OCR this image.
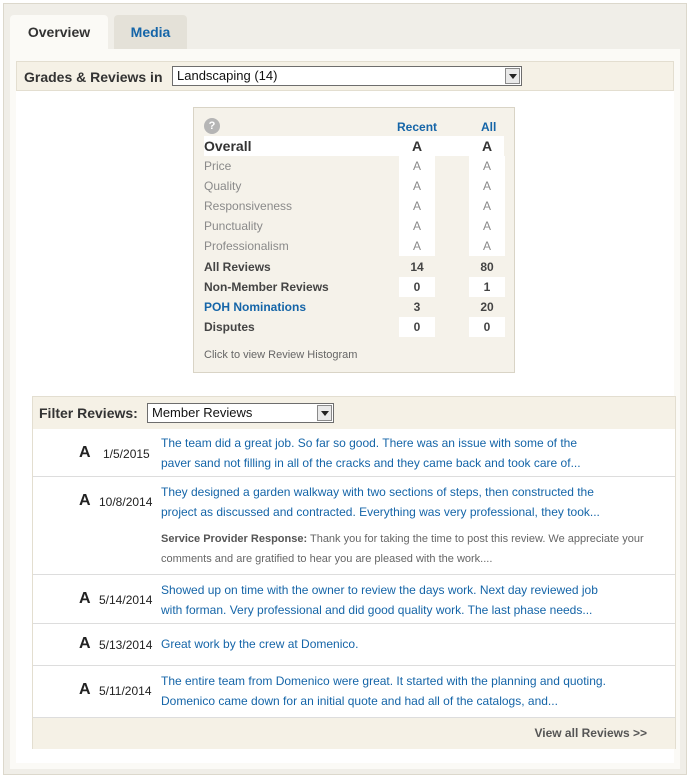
Overview	Media
Grades & Reviews in	Landscaping (14)
?	Recent	All
Overall	A	A
Price	A	A
Quality	A	A
Responsiveness	A	A
Punctuality	A	A
Professionalism	A	A
All Reviews	14	80
Non-Member Reviews	0	1
POH Nominations	3	20
Disputes	0	0
Click to view Review Histogram
Filter Reviews:	Member Reviews
A 1/5/2015
The team did a great job. So far so good. There was an issue with some of the
paver sand not filling in all of the cracks and they came back and took care of...
A 10/8/2014
They designed a garden walkway with two sections of steps, then constructed the
project as discussed and contracted. Everything was very professional, they took...
Service Provider Response: Thank you for taking the time to post this review. We appreciate your
comments and are gratified to hear you are pleased with the work....
A 5/14/2014
Showed up on time with the owner to review the days work. Next day reviewed job
with forman. Very professional and did good quality work. The last phase needs...
A 5/13/2014 Great work by the crew at Domenico.
A 5/11/2014
The entire team from Domenico were great. It started with the planning and quoting.
Domenico came down for an initial quote and had all of the catalogs, and...
View all Reviews >>
